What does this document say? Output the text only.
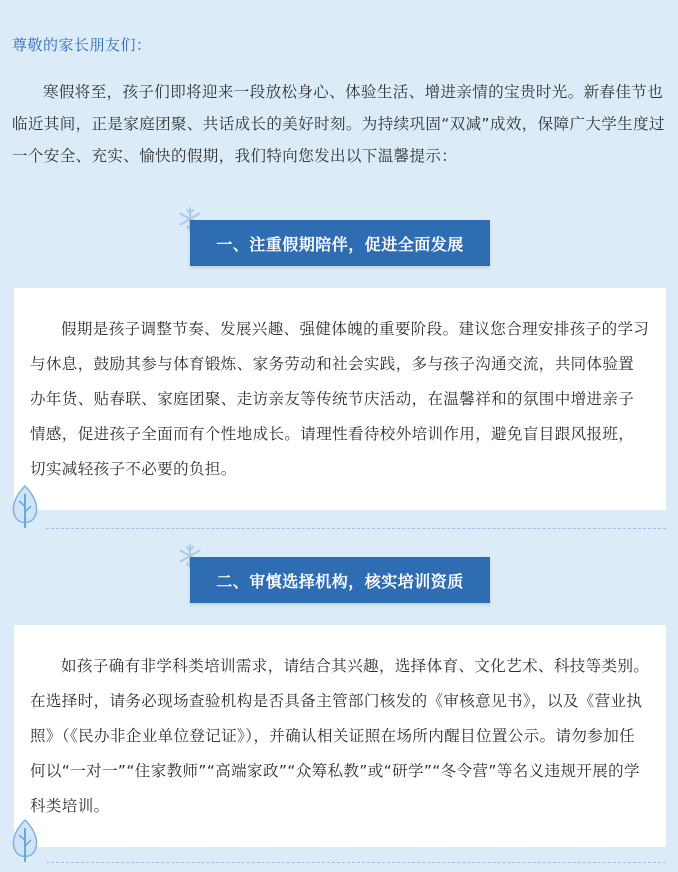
尊敬的家长朋友们：

寒假将至，孩子们即将迎来一段放松身心、体验生活、增进亲情的宝贵时光。新春佳节也临近其间，正是家庭团聚、共话成长的美好时刻。为持续巩固“双减”成效，保障广大学生度过一个安全、充实、愉快的假期，我们特向您发出以下温馨提示：

一、注重假期陪伴，促进全面发展

假期是孩子调整节奏、发展兴趣、强健体魄的重要阶段。建议您合理安排孩子的学习与休息，鼓励其参与体育锻炼、家务劳动和社会实践，多与孩子沟通交流，共同体验置办年货、贴春联、家庭团聚、走访亲友等传统节庆活动，在温馨祥和的氛围中增进亲子情感，促进孩子全面而有个性地成长。请理性看待校外培训作用，避免盲目跟风报班，切实减轻孩子不必要的负担。

二、审慎选择机构，核实培训资质

如孩子确有非学科类培训需求，请结合其兴趣，选择体育、文化艺术、科技等类别。在选择时，请务必现场查验机构是否具备主管部门核发的《审核意见书》，以及《营业执照》（《民办非企业单位登记证》），并确认相关证照在场所内醒目位置公示。请勿参加任何以“一对一”“住家教师”“高端家政”“众筹私教”或“研学”“冬令营”等名义违规开展的学科类培训。
